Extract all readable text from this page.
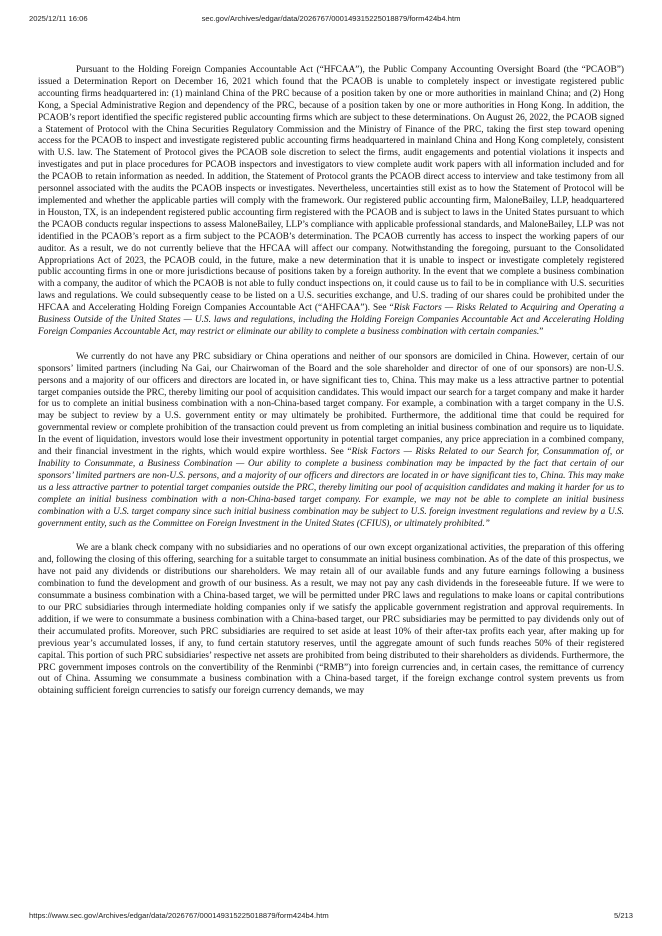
2025/12/11 16:06	sec.gov/Archives/edgar/data/2026767/000149315225018879/form424b4.htm

Pursuant to the Holding Foreign Companies Accountable Act (“HFCAA”), the Public Company Accounting Oversight Board (the “PCAOB”) issued a Determination Report on December 16, 2021 which found that the PCAOB is unable to completely inspect or investigate registered public accounting firms headquartered in: (1) mainland China of the PRC because of a position taken by one or more authorities in mainland China; and (2) Hong Kong, a Special Administrative Region and dependency of the PRC, because of a position taken by one or more authorities in Hong Kong. In addition, the PCAOB’s report identified the specific registered public accounting firms which are subject to these determinations. On August 26, 2022, the PCAOB signed a Statement of Protocol with the China Securities Regulatory Commission and the Ministry of Finance of the PRC, taking the first step toward opening access for the PCAOB to inspect and investigate registered public accounting firms headquartered in mainland China and Hong Kong completely, consistent with U.S. law. The Statement of Protocol gives the PCAOB sole discretion to select the firms, audit engagements and potential violations it inspects and investigates and put in place procedures for PCAOB inspectors and investigators to view complete audit work papers with all information included and for the PCAOB to retain information as needed. In addition, the Statement of Protocol grants the PCAOB direct access to interview and take testimony from all personnel associated with the audits the PCAOB inspects or investigates. Nevertheless, uncertainties still exist as to how the Statement of Protocol will be implemented and whether the applicable parties will comply with the framework. Our registered public accounting firm, MaloneBailey, LLP, headquartered in Houston, TX, is an independent registered public accounting firm registered with the PCAOB and is subject to laws in the United States pursuant to which the PCAOB conducts regular inspections to assess MaloneBailey, LLP’s compliance with applicable professional standards, and MaloneBailey, LLP was not identified in the PCAOB’s report as a firm subject to the PCAOB’s determination. The PCAOB currently has access to inspect the working papers of our auditor. As a result, we do not currently believe that the HFCAA will affect our company. Notwithstanding the foregoing, pursuant to the Consolidated Appropriations Act of 2023, the PCAOB could, in the future, make a new determination that it is unable to inspect or investigate completely registered public accounting firms in one or more jurisdictions because of positions taken by a foreign authority. In the event that we complete a business combination with a company, the auditor of which the PCAOB is not able to fully conduct inspections on, it could cause us to fail to be in compliance with U.S. securities laws and regulations. We could subsequently cease to be listed on a U.S. securities exchange, and U.S. trading of our shares could be prohibited under the HFCAA and Accelerating Holding Foreign Companies Accountable Act (“AHFCAA”). See “Risk Factors — Risks Related to Acquiring and Operating a Business Outside of the United States — U.S. laws and regulations, including the Holding Foreign Companies Accountable Act and Accelerating Holding Foreign Companies Accountable Act, may restrict or eliminate our ability to complete a business combination with certain companies.”

We currently do not have any PRC subsidiary or China operations and neither of our sponsors are domiciled in China. However, certain of our sponsors’ limited partners (including Na Gai, our Chairwoman of the Board and the sole shareholder and director of one of our sponsors) are non-U.S. persons and a majority of our officers and directors are located in, or have significant ties to, China. This may make us a less attractive partner to potential target companies outside the PRC, thereby limiting our pool of acquisition candidates. This would impact our search for a target company and make it harder for us to complete an initial business combination with a non-China-based target company. For example, a combination with a target company in the U.S. may be subject to review by a U.S. government entity or may ultimately be prohibited. Furthermore, the additional time that could be required for governmental review or complete prohibition of the transaction could prevent us from completing an initial business combination and require us to liquidate. In the event of liquidation, investors would lose their investment opportunity in potential target companies, any price appreciation in a combined company, and their financial investment in the rights, which would expire worthless. See “Risk Factors — Risks Related to our Search for, Consummation of, or Inability to Consummate, a Business Combination — Our ability to complete a business combination may be impacted by the fact that certain of our sponsors’ limited partners are non-U.S. persons, and a majority of our officers and directors are located in or have significant ties to, China. This may make us a less attractive partner to potential target companies outside the PRC, thereby limiting our pool of acquisition candidates and making it harder for us to complete an initial business combination with a non-China-based target company. For example, we may not be able to complete an initial business combination with a U.S. target company since such initial business combination may be subject to U.S. foreign investment regulations and review by a U.S. government entity, such as the Committee on Foreign Investment in the United States (CFIUS), or ultimately prohibited.”

We are a blank check company with no subsidiaries and no operations of our own except organizational activities, the preparation of this offering and, following the closing of this offering, searching for a suitable target to consummate an initial business combination. As of the date of this prospectus, we have not paid any dividends or distributions our shareholders. We may retain all of our available funds and any future earnings following a business combination to fund the development and growth of our business. As a result, we may not pay any cash dividends in the foreseeable future. If we were to consummate a business combination with a China-based target, we will be permitted under PRC laws and regulations to make loans or capital contributions to our PRC subsidiaries through intermediate holding companies only if we satisfy the applicable government registration and approval requirements. In addition, if we were to consummate a business combination with a China-based target, our PRC subsidiaries may be permitted to pay dividends only out of their accumulated profits. Moreover, such PRC subsidiaries are required to set aside at least 10% of their after-tax profits each year, after making up for previous year’s accumulated losses, if any, to fund certain statutory reserves, until the aggregate amount of such funds reaches 50% of their registered capital. This portion of such PRC subsidiaries’ respective net assets are prohibited from being distributed to their shareholders as dividends. Furthermore, the PRC government imposes controls on the convertibility of the Renminbi (“RMB”) into foreign currencies and, in certain cases, the remittance of currency out of China. Assuming we consummate a business combination with a China-based target, if the foreign exchange control system prevents us from obtaining sufficient foreign currencies to satisfy our foreign currency demands, we may

https://www.sec.gov/Archives/edgar/data/2026767/000149315225018879/form424b4.htm	5/213
